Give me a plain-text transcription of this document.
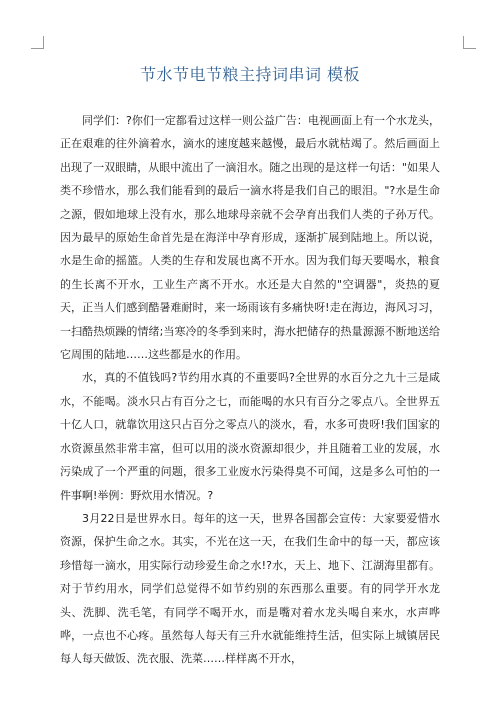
节水节电节粮主持词串词 模板

同学们：?你们一定都看过这样一则公益广告：电视画面上有一个水龙头，正在艰难的往外滴着水，滴水的速度越来越慢，最后水就枯竭了。然后画面上出现了一双眼睛，从眼中流出了一滴泪水。随之出现的是这样一句话："如果人类不珍惜水，那么我们能看到的最后一滴水将是我们自己的眼泪。"?水是生命之源，假如地球上没有水，那么地球母亲就不会孕育出我们人类的子孙万代。因为最早的原始生命首先是在海洋中孕育形成，逐渐扩展到陆地上。所以说，水是生命的摇篮。人类的生存和发展也离不开水。因为我们每天要喝水，粮食的生长离不开水，工业生产离不开水。水还是大自然的"空调器"，炎热的夏天，正当人们感到酷暑难耐时，来一场雨该有多痛快呀!走在海边，海风习习，一扫酷热烦躁的情绪;当寒冷的冬季到来时，海水把储存的热量源源不断地送给它周围的陆地……这些都是水的作用。

水，真的不值钱吗?节约用水真的不重要吗?全世界的水百分之九十三是咸水，不能喝。淡水只占有百分之七，而能喝的水只有百分之零点八。全世界五十亿人口，就靠饮用这只占百分之零点八的淡水，看，水多可贵呀!我们国家的水资源虽然非常丰富，但可以用的淡水资源却很少，并且随着工业的发展，水污染成了一个严重的问题，很多工业废水污染得臭不可闻，这是多么可怕的一件事啊!举例：野炊用水情况。?

3月22日是世界水日。每年的这一天，世界各国都会宣传：大家要爱惜水资源，保护生命之水。其实，不光在这一天，在我们生命中的每一天，都应该珍惜每一滴水，用实际行动珍爱生命之水!?水，天上、地下、江湖海里都有。对于节约用水，同学们总觉得不如节约别的东西那么重要。有的同学开水龙头、洗脚、洗毛笔，有同学不喝开水，而是嘴对着水龙头喝自来水，水声哗哗，一点也不心疼。虽然每人每天有三升水就能维持生活，但实际上城镇居民每人每天做饭、洗衣服、洗菜……样样离不开水，
